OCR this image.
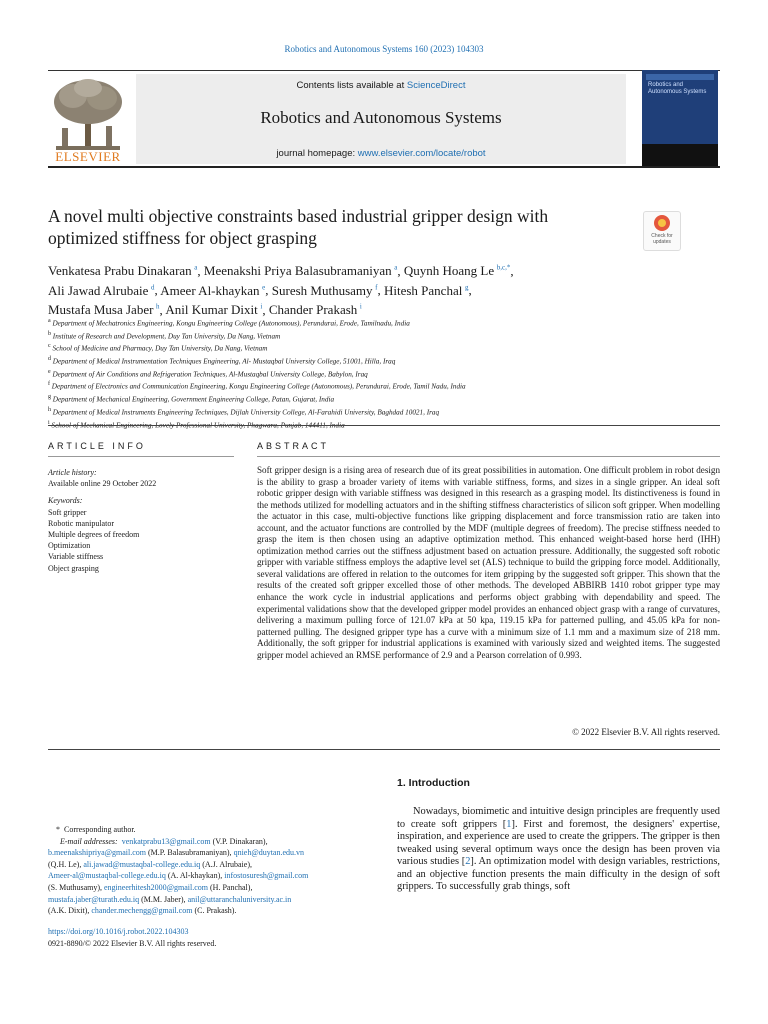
Robotics and Autonomous Systems 160 (2023) 104303
ELSEVIER
Contents lists available at ScienceDirect
Robotics and Autonomous Systems
journal homepage: www.elsevier.com/locate/robot
Robotics and Autonomous Systems
A novel multi objective constraints based industrial gripper design with optimized stiffness for object grasping	Check for updates
Venkatesa Prabu Dinakaran  $^a$, Meenakshi Priya Balasubramaniyan  $^a$, Quynh Hoang Le  $^{b,c,*}$,
Ali Jawad Alrubaie  $^d$, Ameer Al-khaykan  $^e$, Suresh Muthusamy  $^f$, Hitesh Panchal  $^g$,
Mustafa Musa Jaber  $^h$, Anil Kumar Dixit  $^i$, Chander Prakash  $^i$
$^a$ Department of Mechatronics Engineering, Kongu Engineering College (Autonomous), Perundurai, Erode, Tamilnadu, India
$^b$ Institute of Research and Development, Duy Tan University, Da Nang, Vietnam
$^c$ School of Medicine and Pharmacy, Duy Tan University, Da Nang, Vietnam
$^d$ Department of Medical Instrumentation Techniques Engineering, Al- Mustaqbal University College, 51001, Hilla, Iraq
$^e$ Department of Air Conditions and Refrigeration Techniques, Al-Mustaqbal University College, Babylon, Iraq
$^f$ Department of Electronics and Communication Engineering, Kongu Engineering College (Autonomous), Perundurai, Erode, Tamil Nadu, India
$^g$ Department of Mechanical Engineering, Government Engineering College, Patan, Gujarat, India
$^h$ Department of Medical Instruments Engineering Techniques, Dijlah University College, Al-Farahidi University, Baghdad 10021, Iraq
$^i$
ARTICLE INFO	ABSTRACT
Article history:
Available online 29 October 2022
Keywords:
Soft gripper
Robotic manipulator
Multiple degrees of freedom
Optimization
Variable stiffness
Object grasping
Soft gripper design is a rising area of research due of its great possibilities in automation. One difficult problem in robot design is the ability to grasp a broader variety of items with variable stiffness, forms, and sizes in a single gripper. An ideal soft robotic gripper design with variable stiffness was designed in this research as a grasping model. Its distinctiveness is found in the methods utilized for modelling actuators and in the shifting stiffness characteristics of silicon soft gripper. When modelling the actuator in this case, multi-objective functions like gripping displacement and force transmission ratio are taken into account, and the actuator functions are controlled by the MDF (multiple degrees of freedom). The precise stiffness needed to grasp the item is then chosen using an adaptive optimization method. This enhanced weight-based horse herd (IHH) optimization method carries out the stiffness adjustment based on actuation pressure. Additionally, the suggested soft robotic gripper with variable stiffness employs the adaptive level set (ALS) technique to build the gripping force model. Additionally, several validations are offered in relation to the outcomes for item gripping by the suggested soft gripper. This shown that the results of the created soft gripper excelled those of other methods. The developed ABBIRB 1410 robot gripper type may enhance the work cycle in industrial applications and performs object grabbing with dependability and speed. The experimental validations show that the developed gripper model provides an enhanced object grasp with a range of curvatures, delivering a maximum pulling force of 121.07 kPa at 50 kpa, 119.15 kPa for patterned pulling, and 45.05 kPa for non-patterned pulling. The designed gripper type has a curve with a minimum size of 1.1 mm and a maximum size of 218 mm. Additionally, the soft gripper for industrial applications is examined with variously sized and weighted items. The suggested gripper model achieved an RMSE performance of 2.9 and a Pearson correlation of 0.993.
© 2022 Elsevier B.V. All rights reserved.
1. Introduction
Nowadays, biomimetic and intuitive design principles are frequently used to create soft grippers [1]. First and foremost, the designers' expertise, inspiration, and experience are used to create the grippers. The gripper is then tweaked using several optimum ways once the design has been proven via various studies [2]. An optimization model with design variables, restrictions, and an objective function presents the main difficulty in the design of soft grippers. To successfully grab things, soft
*  Corresponding author.
E-mail addresses: venkatprabu13@gmail.com (V.P. Dinakaran),
b.meenakshipriya@gmail.com (M.P. Balasubramaniyan), qnieh@duytan.edu.vn
(Q.H. Le), ali.jawad@mustaqbal-college.edu.iq (A.J. Alrubaie),
Ameer-al@mustaqbal-college.edu.iq (A. Al-khaykan), infostosuresh@gmail.com
(S. Muthusamy), engineerhitesh2000@gmail.com (H. Panchal),
mustafa.jaber@turath.edu.iq (M.M. Jaber), anil@uttaranchaluniversity.ac.in
(A.K. Dixit), chander.mechengg@gmail.com (C. Prakash).
https://doi.org/10.1016/j.robot.2022.104303
0921-8890/© 2022 Elsevier B.V. All rights reserved.
